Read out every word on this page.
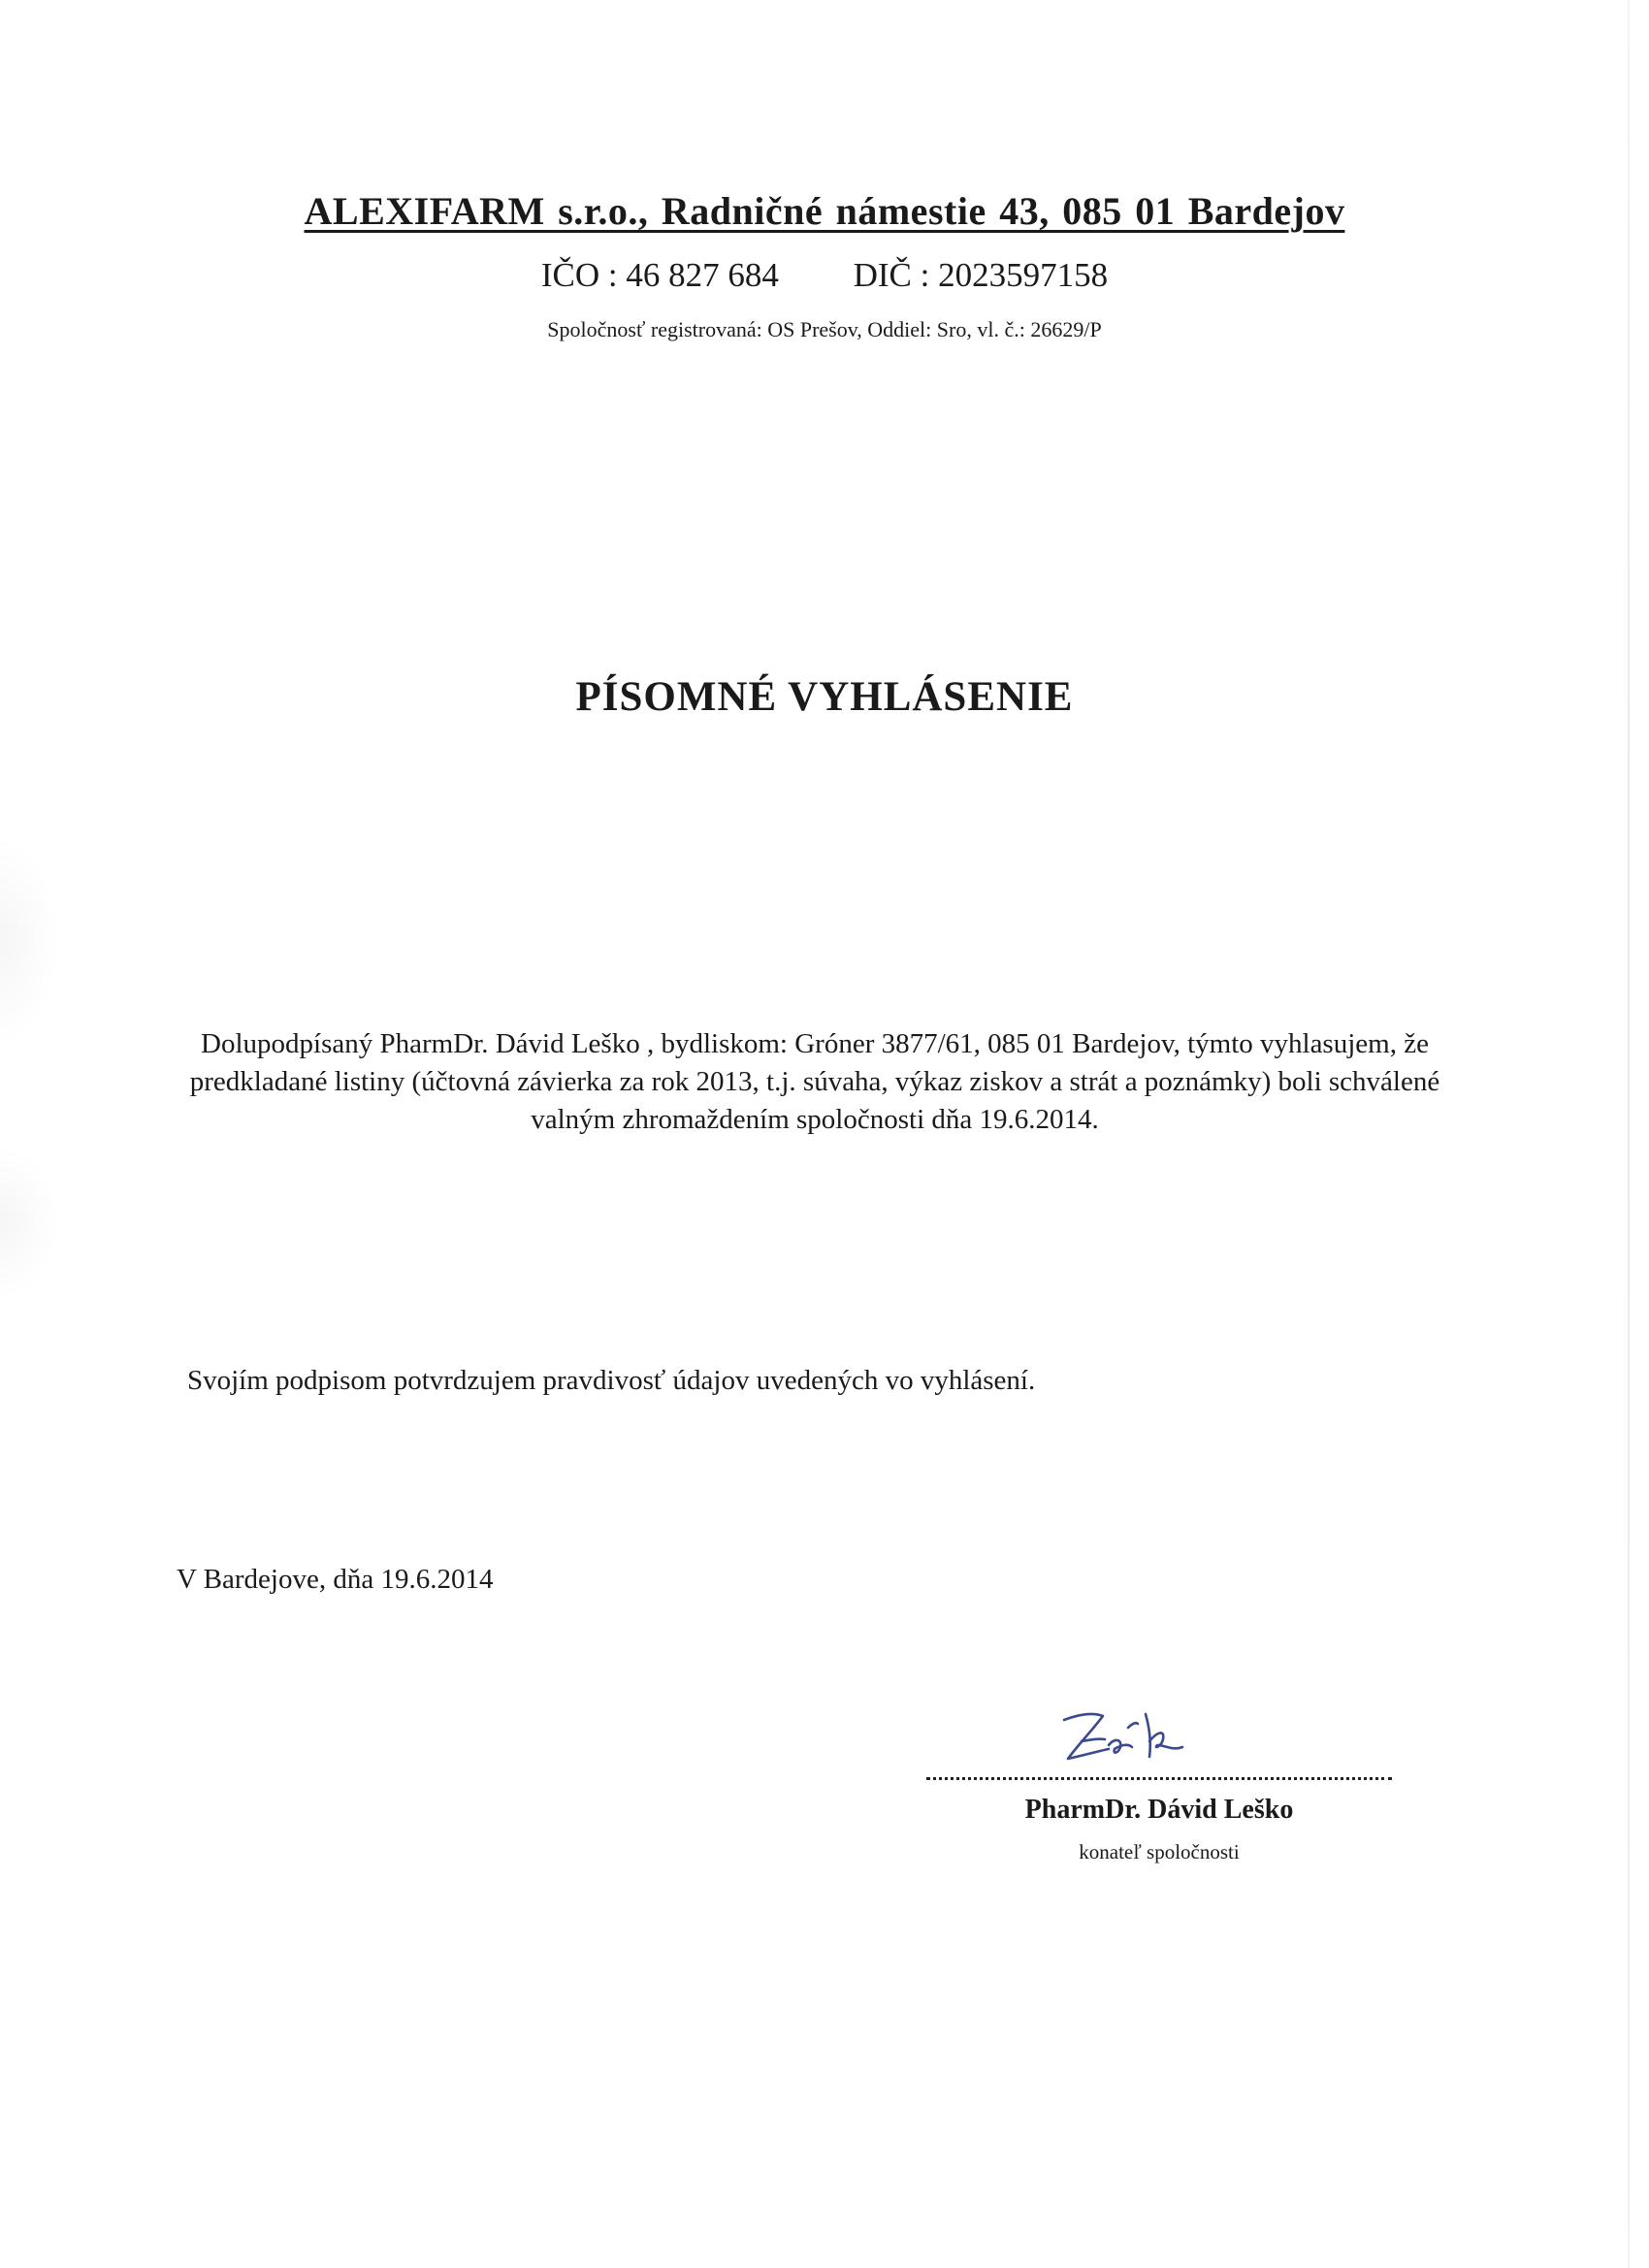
ALEXIFARM s.r.o., Radničné námestie 43, 085 01 Bardejov
IČO : 46 827 684 DIČ : 2023597158
Spoločnosť registrovaná: OS Prešov, Oddiel: Sro, vl. č.: 26629/P
PÍSOMNÉ VYHLÁSENIE
Dolupodpísaný PharmDr. Dávid Leško , bydliskom: Gróner 3877/61, 085 01 Bardejov, týmto vyhlasujem, že
predkladané listiny (účtovná závierka za rok 2013, t.j. súvaha, výkaz ziskov a strát a poznámky) boli schválené
valným zhromaždením spoločnosti dňa 19.6.2014.
Svojím podpisom potvrdzujem pravdivosť údajov uvedených vo vyhlásení.
V Bardejove, dňa 19.6.2014
PharmDr. Dávid Leško
konateľ spoločnosti
